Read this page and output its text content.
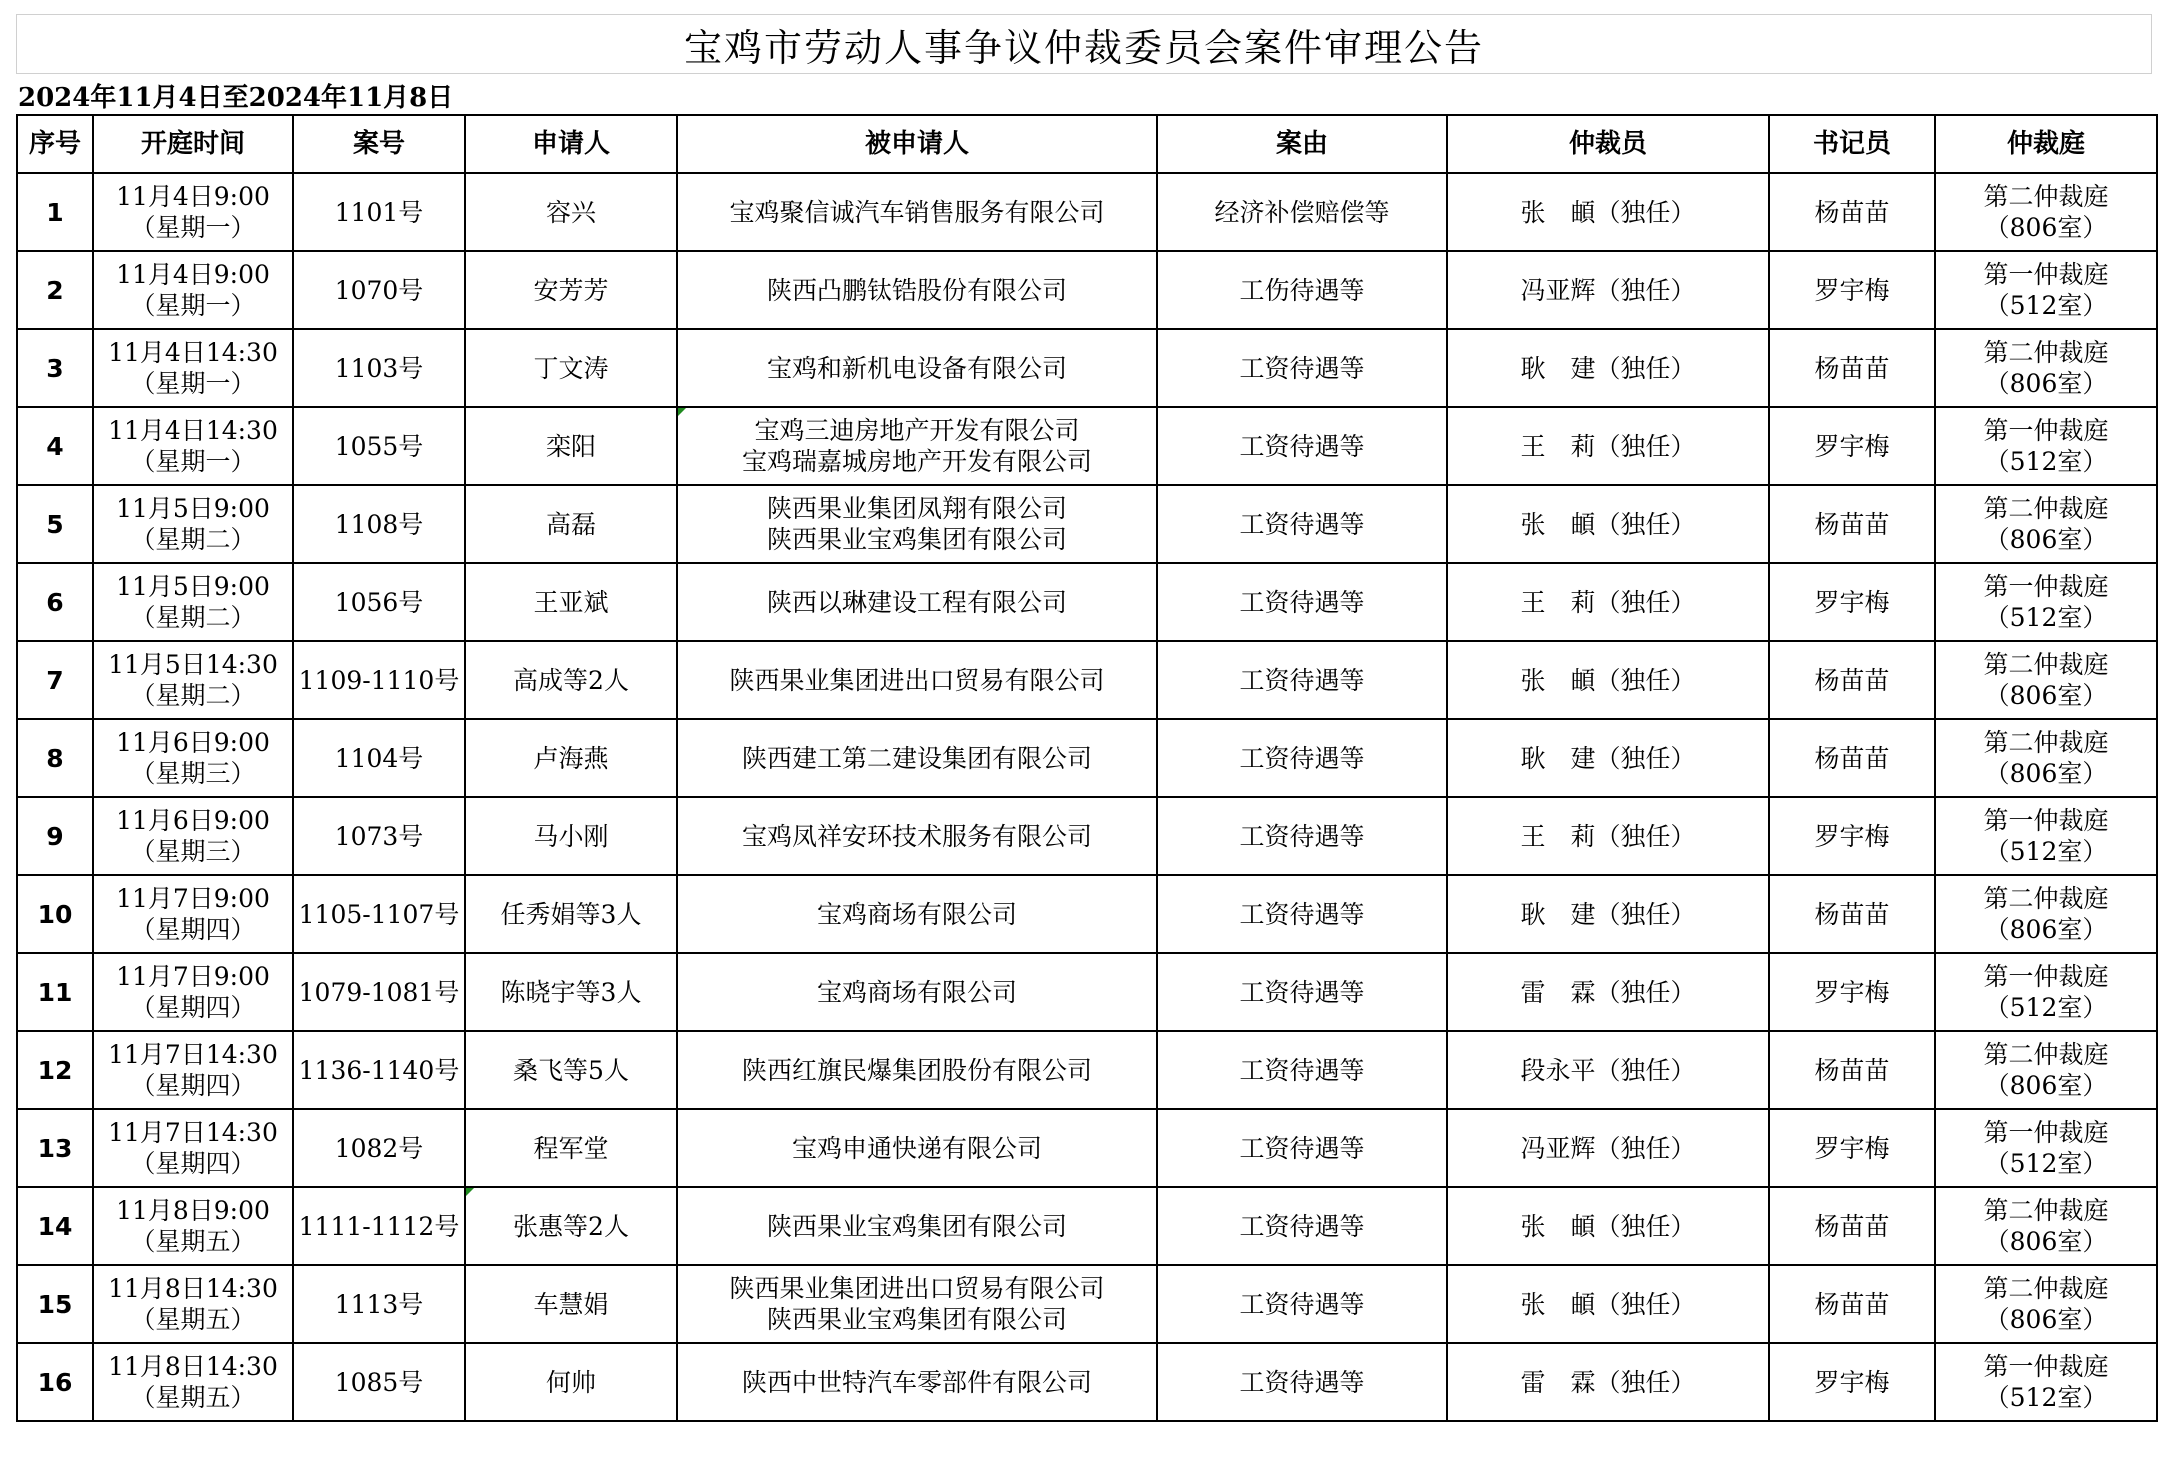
宝鸡市劳动人事争议仲裁委员会案件审理公告
2024年11月4日至2024年11月8日
序号	开庭时间	案号	申请人	被申请人	案由	仲裁员	书记员	仲裁庭
1	11月4日9:00
（星期一）	1101号	容兴	宝鸡聚信诚汽车销售服务有限公司	经济补偿赔偿等	张　頔（独任）	杨苗苗	第二仲裁庭
（806室）

2	11月4日9:00
（星期一）	1070号	安芳芳	陕西凸鹏钛锆股份有限公司	工伤待遇等	冯亚辉（独任）	罗宇梅	第一仲裁庭
（512室）

3	11月4日14:30
（星期一）	1103号	丁文涛	宝鸡和新机电设备有限公司	工资待遇等	耿　建（独任）	杨苗苗	第二仲裁庭
（806室）

4	11月4日14:30
（星期一）	1055号	栾阳	宝鸡三迪房地产开发有限公司
宝鸡瑞嘉城房地产开发有限公司	工资待遇等	王　莉（独任）	罗宇梅	第一仲裁庭
（512室）

5	11月5日9:00
（星期二）	1108号	高磊	陕西果业集团凤翔有限公司
陕西果业宝鸡集团有限公司	工资待遇等	张　頔（独任）	杨苗苗	第二仲裁庭
（806室）

6	11月5日9:00
（星期二）	1056号	王亚斌	陕西以琳建设工程有限公司	工资待遇等	王　莉（独任）	罗宇梅	第一仲裁庭
（512室）

7	11月5日14:30
（星期二）	1109-1110号	高成等2人	陕西果业集团进出口贸易有限公司	工资待遇等	张　頔（独任）	杨苗苗	第二仲裁庭
（806室）

8	11月6日9:00
（星期三）	1104号	卢海燕	陕西建工第二建设集团有限公司	工资待遇等	耿　建（独任）	杨苗苗	第二仲裁庭
（806室）

9	11月6日9:00
（星期三）	1073号	马小刚	宝鸡凤祥安环技术服务有限公司	工资待遇等	王　莉（独任）	罗宇梅	第一仲裁庭
（512室）

10	11月7日9:00
（星期四）	1105-1107号	任秀娟等3人	宝鸡商场有限公司	工资待遇等	耿　建（独任）	杨苗苗	第二仲裁庭
（806室）

11	11月7日9:00
（星期四）	1079-1081号	陈晓宇等3人	宝鸡商场有限公司	工资待遇等	雷　霖（独任）	罗宇梅	第一仲裁庭
（512室）

12	11月7日14:30
（星期四）	1136-1140号	桑飞等5人	陕西红旗民爆集团股份有限公司	工资待遇等	段永平（独任）	杨苗苗	第二仲裁庭
（806室）

13	11月7日14:30
（星期四）	1082号	程军堂	宝鸡申通快递有限公司	工资待遇等	冯亚辉（独任）	罗宇梅	第一仲裁庭
（512室）

14	11月8日9:00
（星期五）	1111-1112号	张惠等2人	陕西果业宝鸡集团有限公司	工资待遇等	张　頔（独任）	杨苗苗	第二仲裁庭
（806室）

15	11月8日14:30
（星期五）	1113号	车慧娟	陕西果业集团进出口贸易有限公司
陕西果业宝鸡集团有限公司	工资待遇等	张　頔（独任）	杨苗苗	第二仲裁庭
（806室）

16	11月8日14:30
（星期五）	1085号	何帅	陕西中世特汽车零部件有限公司	工资待遇等	雷　霖（独任）	罗宇梅	第一仲裁庭
（512室）
